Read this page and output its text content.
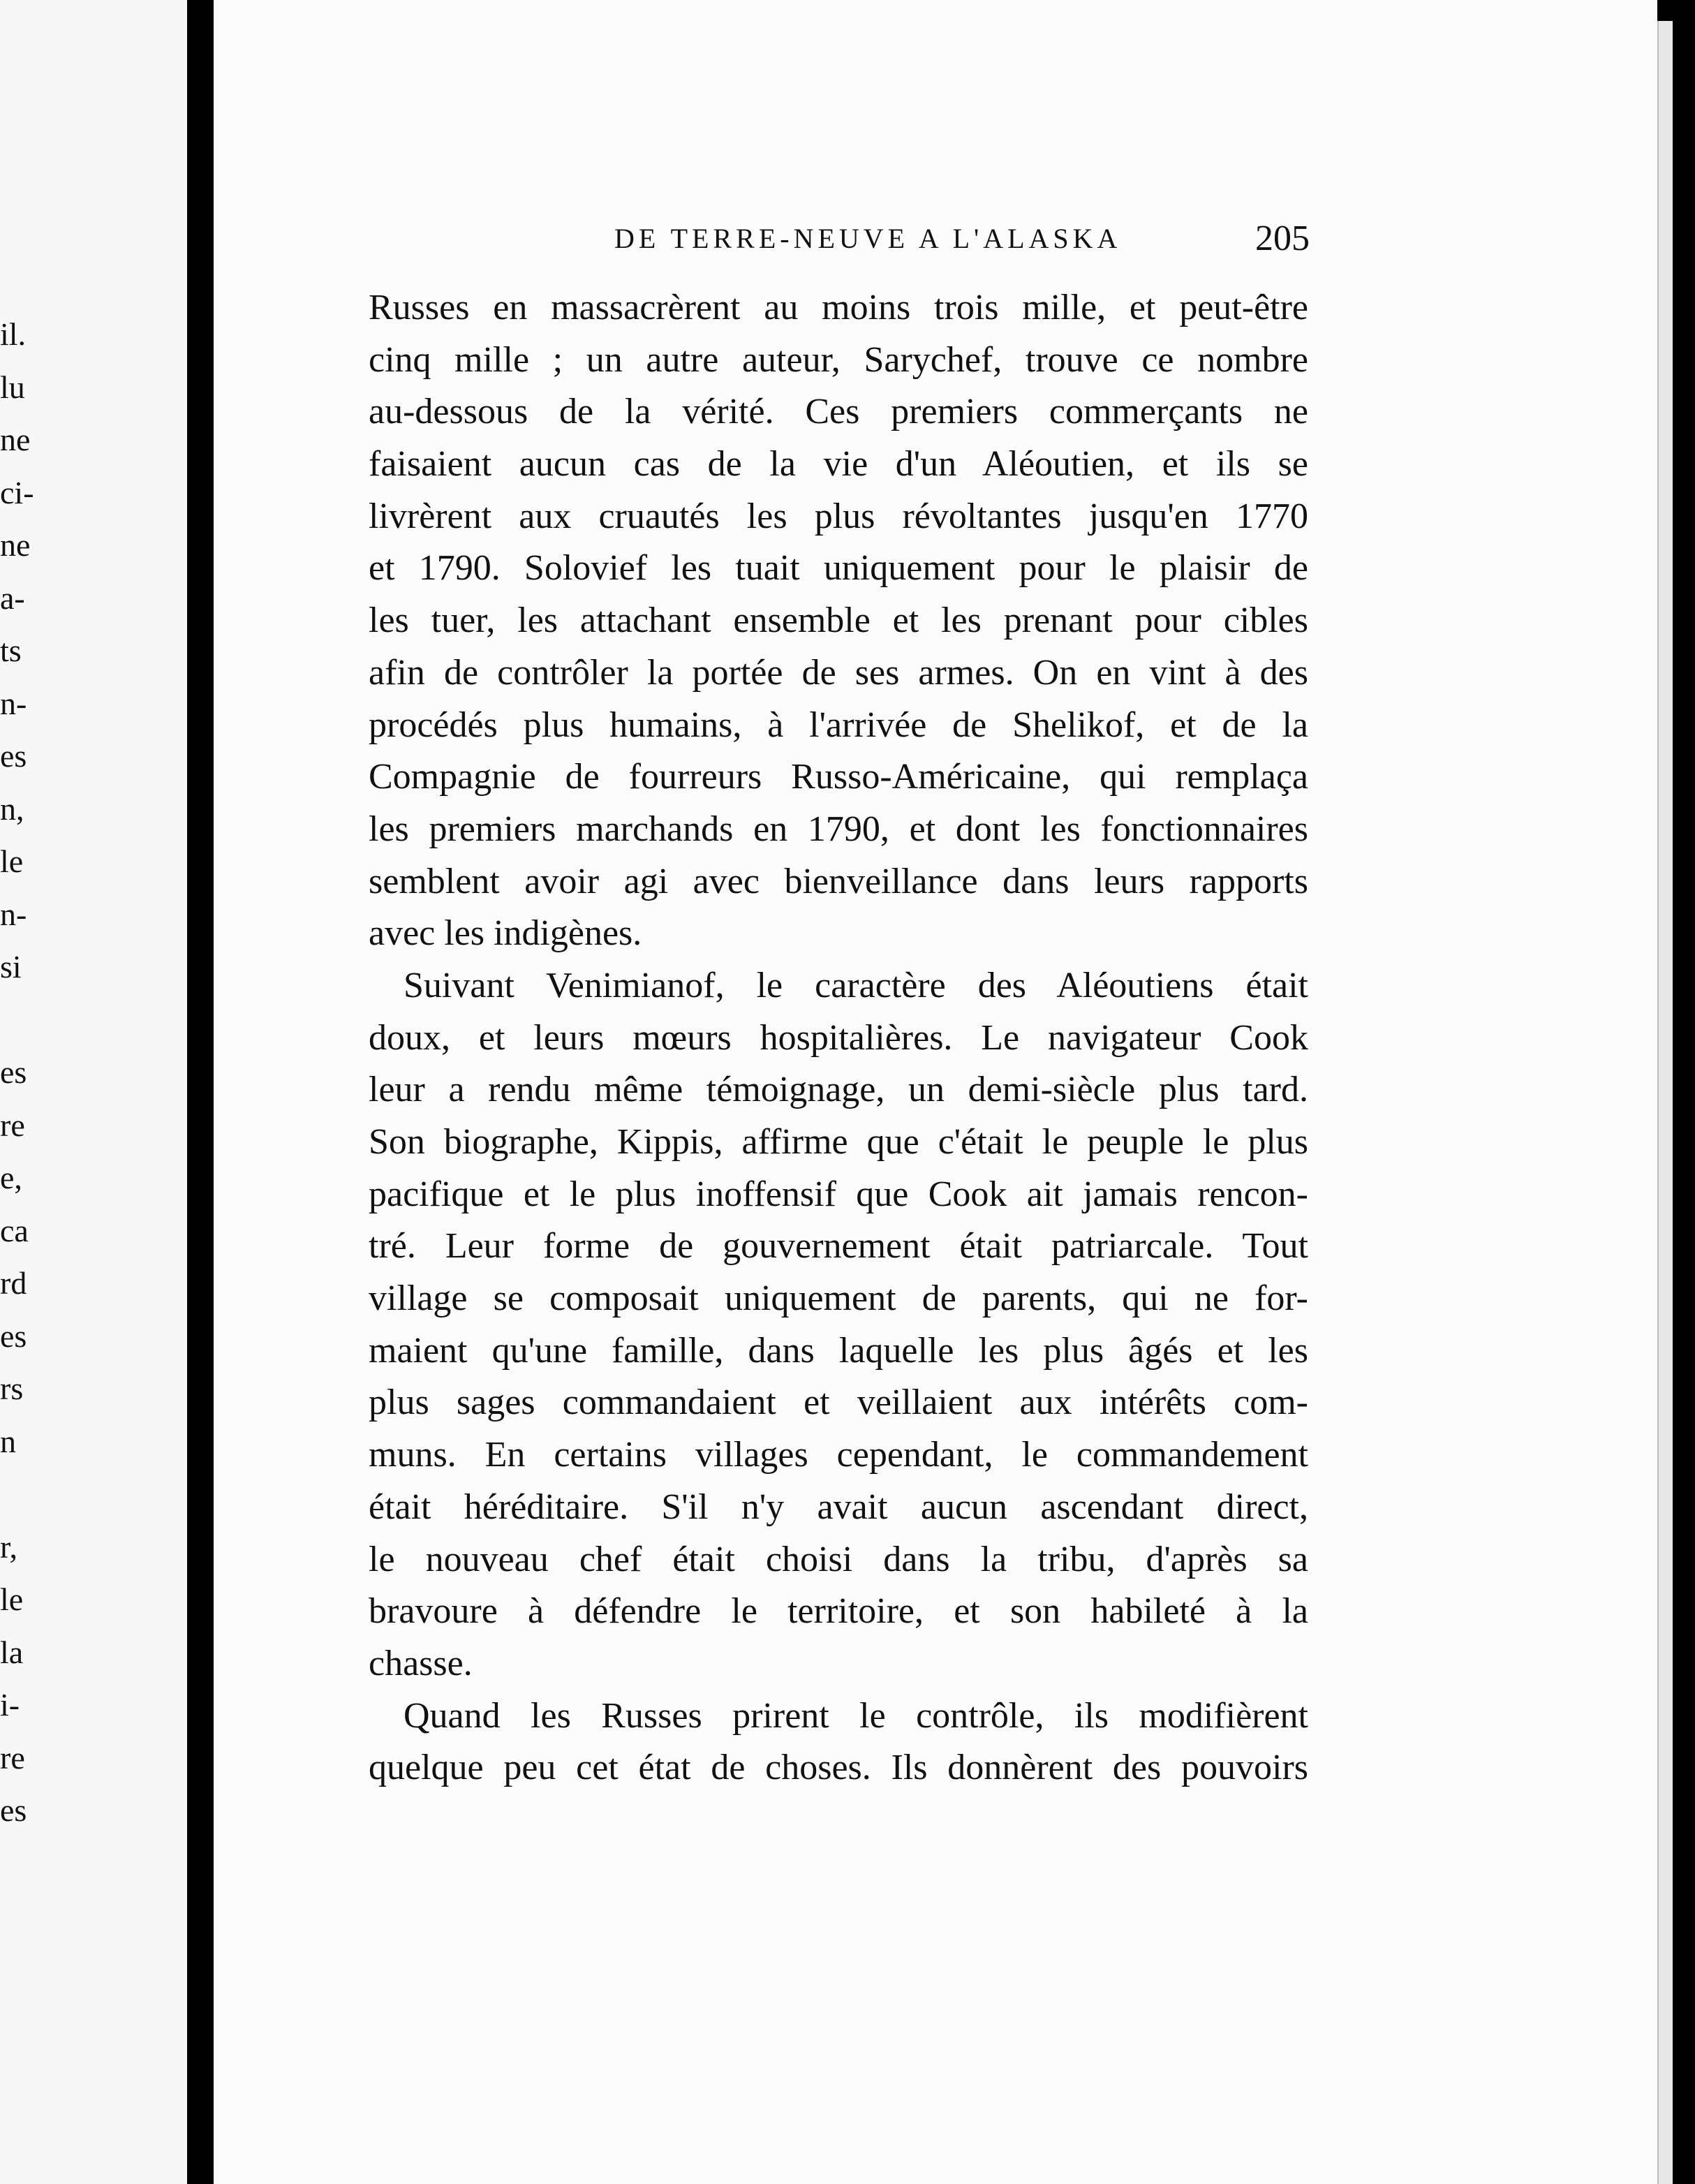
il.
lu
ne
ci-
ne
a-
ts
n-
es
n,
le
n-
si
es
re
e,
ca
rd
es
rs
n
r,
le
la
i-
re
es
DE TERRE-NEUVE A L'ALASKA	205
Russes en massacrèrent au moins trois mille, et peut-être
cinq mille ; un autre auteur, Sarychef, trouve ce nombre
au-dessous de la vérité. Ces premiers commerçants ne
faisaient aucun cas de la vie d'un Aléoutien, et ils se
livrèrent aux cruautés les plus révoltantes jusqu'en 1770
et 1790. Solovief les tuait uniquement pour le plaisir de
les tuer, les attachant ensemble et les prenant pour cibles
afin de contrôler la portée de ses armes. On en vint à des
procédés plus humains, à l'arrivée de Shelikof, et de la
Compagnie de fourreurs Russo-Américaine, qui remplaça
les premiers marchands en 1790, et dont les fonctionnaires
semblent avoir agi avec bienveillance dans leurs rapports
avec les indigènes.
Suivant Venimianof, le caractère des Aléoutiens était
doux, et leurs mœurs hospitalières. Le navigateur Cook
leur a rendu même témoignage, un demi-siècle plus tard.
Son biographe, Kippis, affirme que c'était le peuple le plus
pacifique et le plus inoffensif que Cook ait jamais rencon-
tré. Leur forme de gouvernement était patriarcale. Tout
village se composait uniquement de parents, qui ne for-
maient qu'une famille, dans laquelle les plus âgés et les
plus sages commandaient et veillaient aux intérêts com-
muns. En certains villages cependant, le commandement
était héréditaire. S'il n'y avait aucun ascendant direct,
le nouveau chef était choisi dans la tribu, d'après sa
bravoure à défendre le territoire, et son habileté à la
chasse.
Quand les Russes prirent le contrôle, ils modifièrent
quelque peu cet état de choses. Ils donnèrent des pouvoirs
